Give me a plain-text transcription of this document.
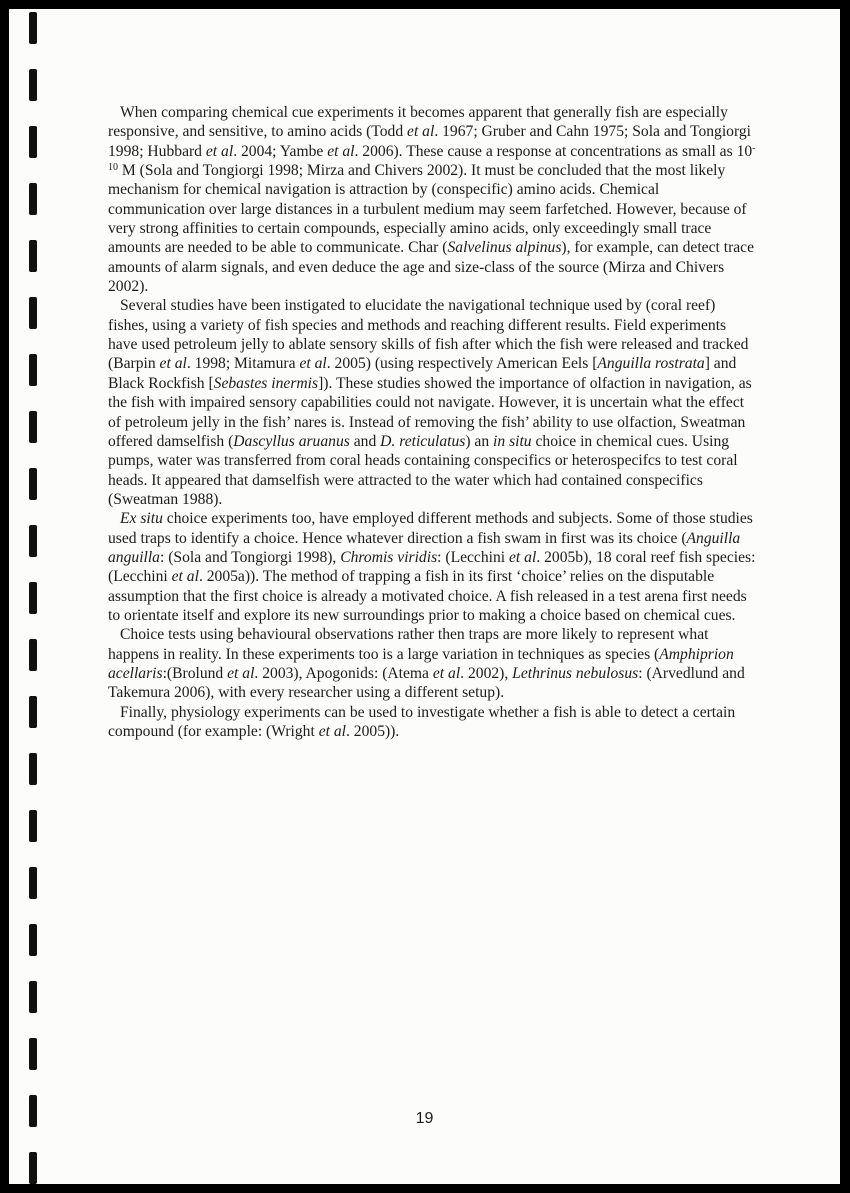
When comparing chemical cue experiments it becomes apparent that generally fish are especially responsive, and sensitive, to amino acids (Todd et al. 1967; Gruber and Cahn 1975; Sola and Tongiorgi 1998; Hubbard et al. 2004; Yambe et al. 2006). These cause a response at concentrations as small as $10^{-10}$ M (Sola and Tongiorgi 1998; Mirza and Chivers 2002). It must be concluded that the most likely mechanism for chemical navigation is attraction by (conspecific) amino acids. Chemical communication over large distances in a turbulent medium may seem farfetched. However, because of very strong affinities to certain compounds, especially amino acids, only exceedingly small trace amounts are needed to be able to communicate. Char (Salvelinus alpinus), for example, can detect trace amounts of alarm signals, and even deduce the age and size-class of the source (Mirza and Chivers 2002).

Several studies have been instigated to elucidate the navigational technique used by (coral reef) fishes, using a variety of fish species and methods and reaching different results. Field experiments have used petroleum jelly to ablate sensory skills of fish after which the fish were released and tracked (Barpin et al. 1998; Mitamura et al. 2005) (using respectively American Eels [Anguilla rostrata] and Black Rockfish [Sebastes inermis]). These studies showed the importance of olfaction in navigation, as the fish with impaired sensory capabilities could not navigate. However, it is uncertain what the effect of petroleum jelly in the fish’ nares is. Instead of removing the fish’ ability to use olfaction, Sweatman offered damselfish (Dascyllus aruanus and D. reticulatus) an in situ choice in chemical cues. Using pumps, water was transferred from coral heads containing conspecifics or heterospecifcs to test coral heads. It appeared that damselfish were attracted to the water which had contained conspecifics (Sweatman 1988).

Ex situ choice experiments too, have employed different methods and subjects. Some of those studies used traps to identify a choice. Hence whatever direction a fish swam in first was its choice (Anguilla anguilla: (Sola and Tongiorgi 1998), Chromis viridis: (Lecchini et al. 2005b), 18 coral reef fish species: (Lecchini et al. 2005a)). The method of trapping a fish in its first ‘choice’ relies on the disputable assumption that the first choice is already a motivated choice. A fish released in a test arena first needs to orientate itself and explore its new surroundings prior to making a choice based on chemical cues.

Choice tests using behavioural observations rather then traps are more likely to represent what happens in reality. In these experiments too is a large variation in techniques as species (Amphiprion acellaris:(Brolund et al. 2003), Apogonids: (Atema et al. 2002), Lethrinus nebulosus: (Arvedlund and Takemura 2006), with every researcher using a different setup).

Finally, physiology experiments can be used to investigate whether a fish is able to detect a certain compound (for example: (Wright et al. 2005)).

19
